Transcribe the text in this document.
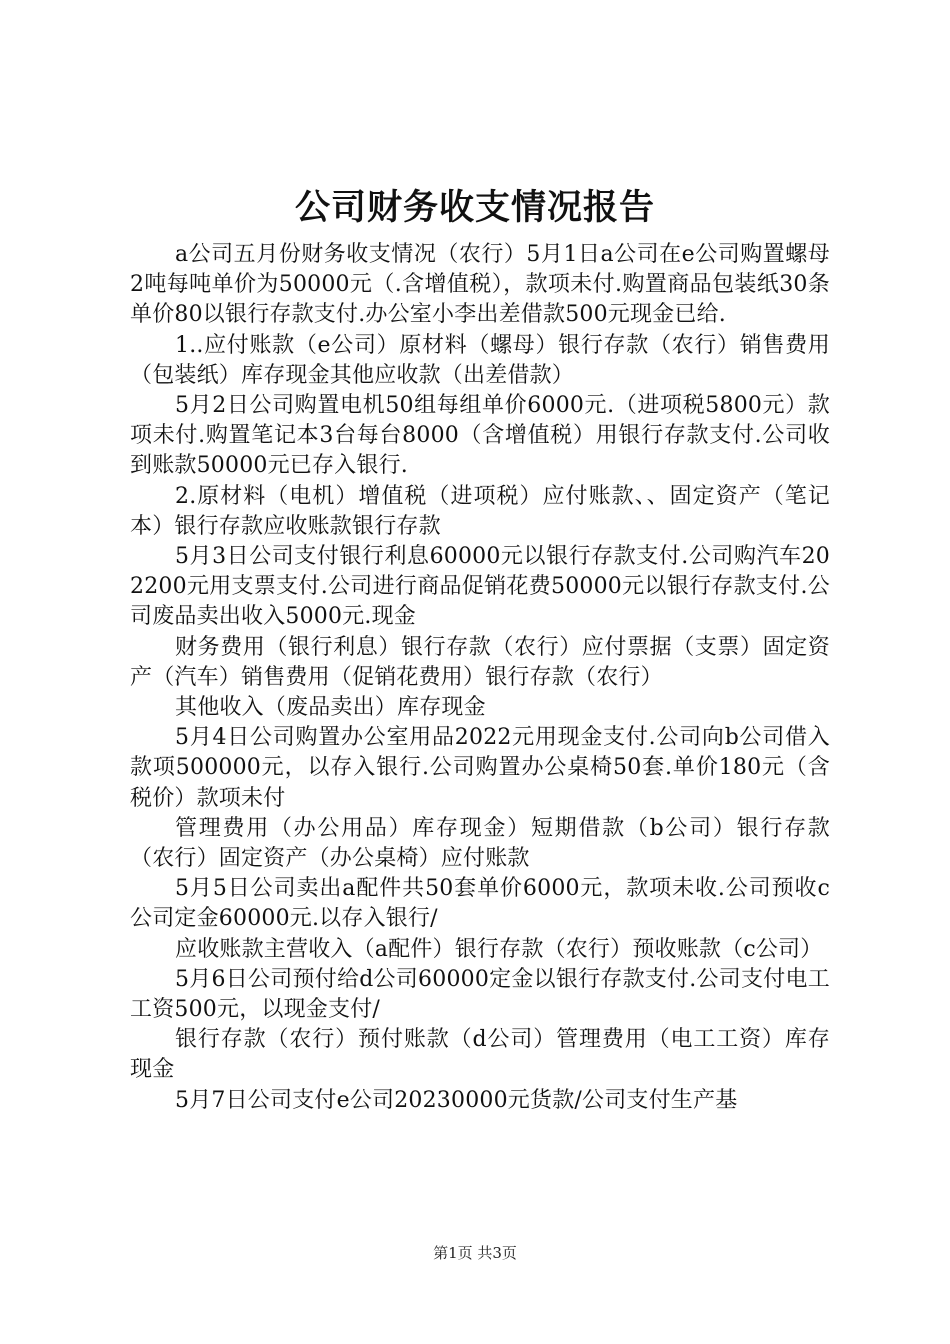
公司财务收支情况报告

a公司五月份财务收支情况（农行）5月1日a公司在e公司购置螺母2吨每吨单价为50000元（.含增值税），款项未付.购置商品包装纸30条单价80以银行存款支付.办公室小李出差借款500元现金已给.

1..应付账款（e公司）原材料（螺母）银行存款（农行）销售费用（包装纸）库存现金其他应收款（出差借款）

5月2日公司购置电机50组每组单价6000元.（进项税5800元）款项未付.购置笔记本3台每台8000（含增值税）用银行存款支付.公司收到账款50000元已存入银行.

2.原材料（电机）增值税（进项税）应付账款、、固定资产（笔记本）银行存款应收账款银行存款

5月3日公司支付银行利息60000元以银行存款支付.公司购汽车202200元用支票支付.公司进行商品促销花费50000元以银行存款支付.公司废品卖出收入5000元.现金

财务费用（银行利息）银行存款（农行）应付票据（支票）固定资产（汽车）销售费用（促销花费用）银行存款（农行）

其他收入（废品卖出）库存现金

5月4日公司购置办公室用品2022元用现金支付.公司向b公司借入款项500000元，以存入银行.公司购置办公桌椅50套.单价180元（含税价）款项未付

管理费用（办公用品）库存现金）短期借款（b公司）银行存款（农行）固定资产（办公桌椅）应付账款

5月5日公司卖出a配件共50套单价6000元，款项未收.公司预收c公司定金60000元.以存入银行/

应收账款主营收入（a配件）银行存款（农行）预收账款（c公司）

5月6日公司预付给d公司60000定金以银行存款支付.公司支付电工工资500元，以现金支付/

银行存款（农行）预付账款（d公司）管理费用（电工工资）库存现金

5月7日公司支付e公司20230000元货款/公司支付生产基

第1页 共3页
